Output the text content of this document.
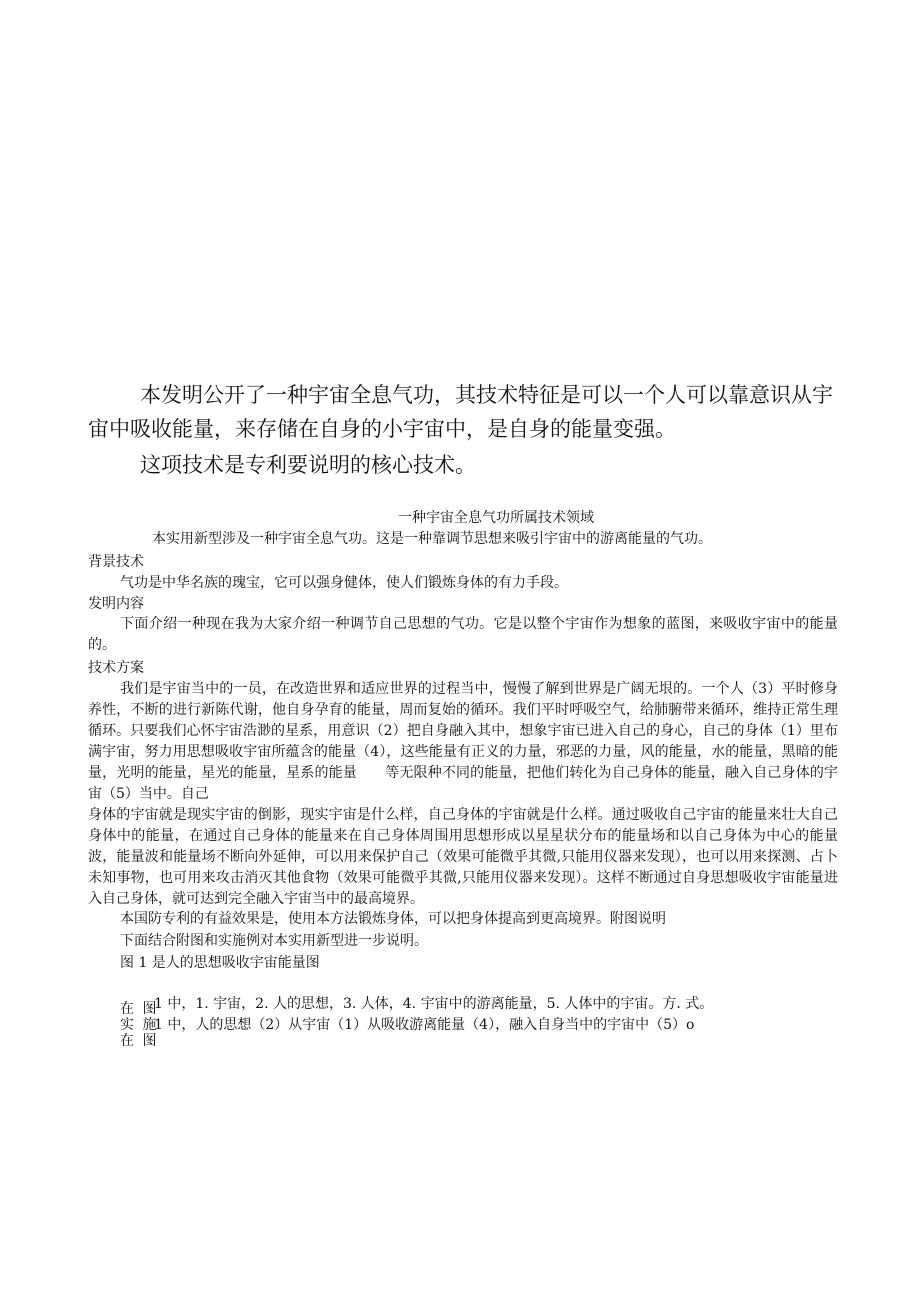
本发明公开了一种宇宙全息气功，其技术特征是可以一个人可以靠意识从宇宙中吸收能量，来存储在自身的小宇宙中，是自身的能量变强。

这项技术是专利要说明的核心技术。

一种宇宙全息气功所属技术领域
本实用新型涉及一种宇宙全息气功。这是一种靠调节思想来吸引宇宙中的游离能量的气功。
背景技术
气功是中华名族的瑰宝，它可以强身健体，使人们锻炼身体的有力手段。
发明内容
下面介绍一种现在我为大家介绍一种调节自己思想的气功。它是以整个宇宙作为想象的蓝图，来吸收宇宙中的能量的。
技术方案
我们是宇宙当中的一员，在改造世界和适应世界的过程当中，慢慢了解到世界是广阔无垠的。一个人（3）平时修身养性，不断的进行新陈代谢，他自身孕育的能量，周而复始的循环。我们平时呼吸空气，给肺腑带来循环，维持正常生理循环。只要我们心怀宇宙浩渺的星系，用意识（2）把自身融入其中，想象宇宙已进入自己的身心，自己的身体（1）里布满宇宙，努力用思想吸收宇宙所蕴含的能量（4），这些能量有正义的力量，邪恶的力量，风的能量，水的能量，黑暗的能量，光明的能量，星光的能量，星系的能量　　等无限种不同的能量，把他们转化为自己身体的能量，融入自己身体的宇宙（5）当中。自己
身体的宇宙就是现实宇宙的倒影，现实宇宙是什么样，自己身体的宇宙就是什么样。通过吸收自己宇宙的能量来壮大自己身体中的能量，在通过自己身体的能量来在自己身体周围用思想形成以星星状分布的能量场和以自己身体为中心的能量波，能量波和能量场不断向外延伸，可以用来保护自己（效果可能微乎其微,只能用仪器来发现），也可以用来探测、占卜未知事物，也可用来攻击消灭其他食物（效果可能微乎其微,只能用仪器来发现）。这样不断通过自身思想吸收宇宙能量进入自己身体，就可达到完全融入宇宙当中的最高境界。
本国防专利的有益效果是，使用本方法锻炼身体，可以把身体提高到更高境界。附图说明
下面结合附图和实施例对本实用新型进一步说明。
图 1 是人的思想吸收宇宙能量图
在 图
实 施
在 图
1 中，1. 宇宙，2. 人的思想，3. 人体，4. 宇宙中的游离能量，5. 人体中的宇宙。方. 式。
1 中，人的思想（2）从宇宙（1）从吸收游离能量（4），融入自身当中的宇宙中（5）o
